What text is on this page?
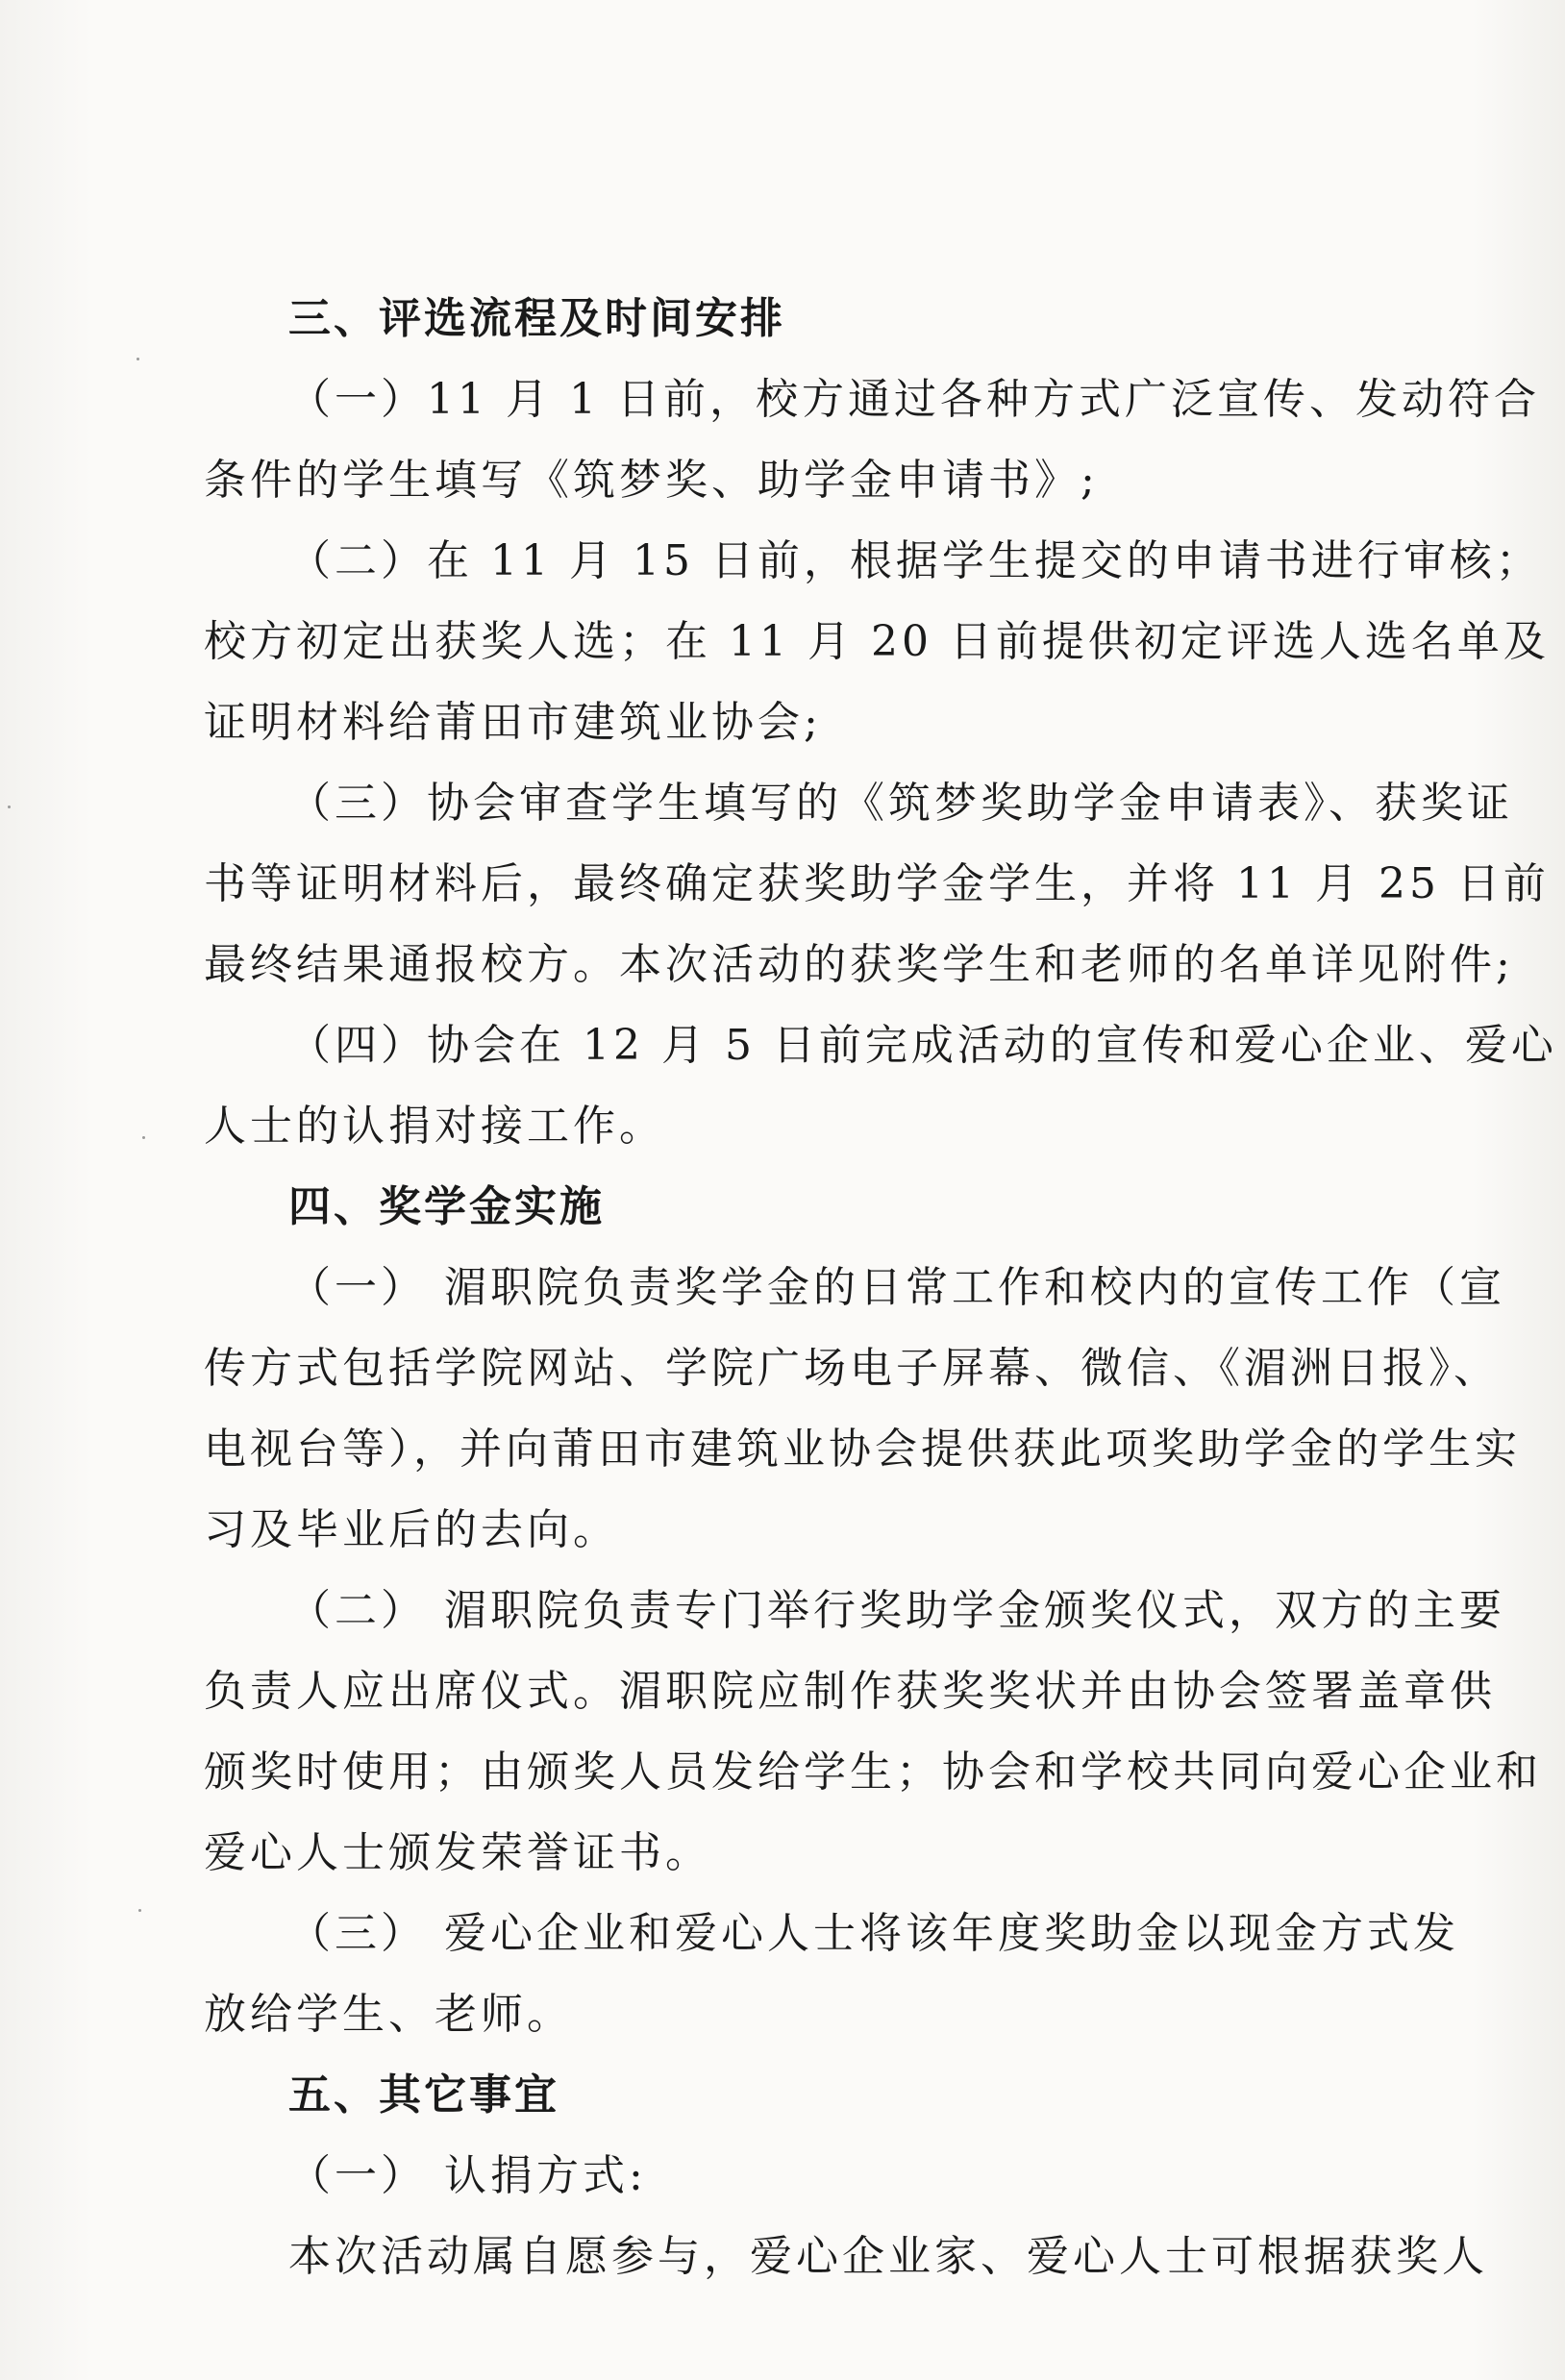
三、评选流程及时间安排
（一）11 月 1 日前，校方通过各种方式广泛宣传、发动符合
条件的学生填写《筑梦奖、助学金申请书》;
（二）在 11 月 15 日前，根据学生提交的申请书进行审核；
校方初定出获奖人选；在 11 月 20 日前提供初定评选人选名单及
证明材料给莆田市建筑业协会;
（三）协会审查学生填写的《筑梦奖助学金申请表》、获奖证
书等证明材料后，最终确定获奖助学金学生，并将 11 月 25 日前
最终结果通报校方。本次活动的获奖学生和老师的名单详见附件;
（四）协会在 12 月 5 日前完成活动的宣传和爱心企业、爱心
人士的认捐对接工作。
四、奖学金实施
（一） 湄职院负责奖学金的日常工作和校内的宣传工作（宣
传方式包括学院网站、学院广场电子屏幕、微信、《湄洲日报》、
电视台等），并向莆田市建筑业协会提供获此项奖助学金的学生实
习及毕业后的去向。
（二） 湄职院负责专门举行奖助学金颁奖仪式，双方的主要
负责人应出席仪式。湄职院应制作获奖奖状并由协会签署盖章供
颁奖时使用；由颁奖人员发给学生；协会和学校共同向爱心企业和
爱心人士颁发荣誉证书。
（三） 爱心企业和爱心人士将该年度奖助金以现金方式发
放给学生、老师。
五、其它事宜
（一） 认捐方式:
本次活动属自愿参与，爱心企业家、爱心人士可根据获奖人
